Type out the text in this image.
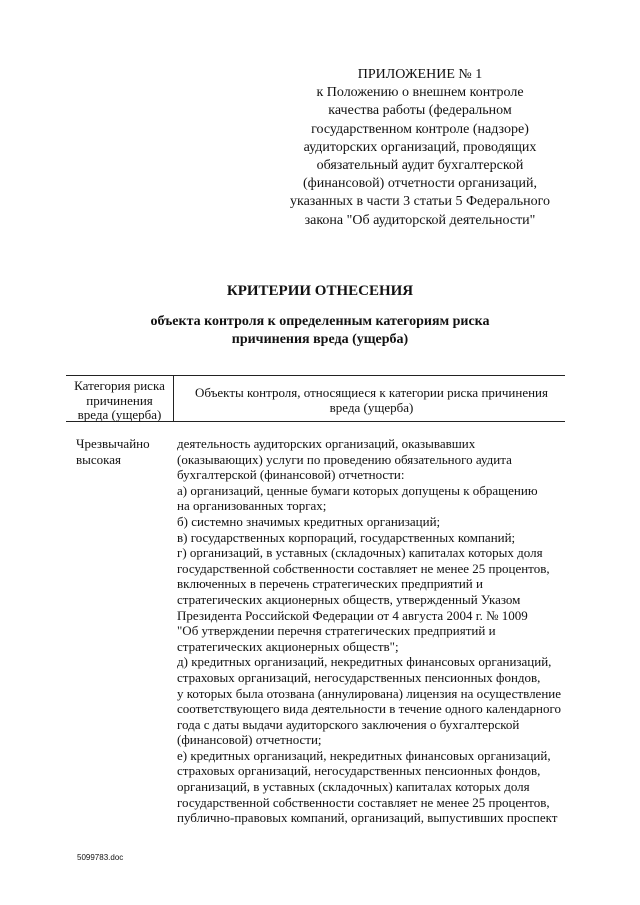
ПРИЛОЖЕНИЕ № 1
к Положению о внешнем контроле
качества работы (федеральном
государственном контроле (надзоре)
аудиторских организаций, проводящих
обязательный аудит бухгалтерской
(финансовой) отчетности организаций,
указанных в части 3 статьи 5 Федерального
закона "Об аудиторской деятельности"
КРИТЕРИИ ОТНЕСЕНИЯ
объекта контроля к определенным категориям риска
причинения вреда (ущерба)
Категория риска
причинения
вреда (ущерба)
Объекты контроля, относящиеся к категории риска причинения
вреда (ущерба)
Чрезвычайно
высокая
деятельность аудиторских организаций, оказывавших
(оказывающих) услуги по проведению обязательного аудита
бухгалтерской (финансовой) отчетности:
а) организаций, ценные бумаги которых допущены к обращению
на организованных торгах;
б) системно значимых кредитных организаций;
в) государственных корпораций, государственных компаний;
г) организаций, в уставных (складочных) капиталах которых доля
государственной собственности составляет не менее 25 процентов,
включенных в перечень стратегических предприятий и
стратегических акционерных обществ, утвержденный Указом
Президента Российской Федерации от 4 августа 2004 г. № 1009
"Об утверждении перечня стратегических предприятий и
стратегических акционерных обществ";
д) кредитных организаций, некредитных финансовых организаций,
страховых организаций, негосударственных пенсионных фондов,
у которых была отозвана (аннулирована) лицензия на осуществление
соответствующего вида деятельности в течение одного календарного
года с даты выдачи аудиторского заключения о бухгалтерской
(финансовой) отчетности;
е) кредитных организаций, некредитных финансовых организаций,
страховых организаций, негосударственных пенсионных фондов,
организаций, в уставных (складочных) капиталах которых доля
государственной собственности составляет не менее 25 процентов,
публично-правовых компаний, организаций, выпустивших проспект
5099783.doc
